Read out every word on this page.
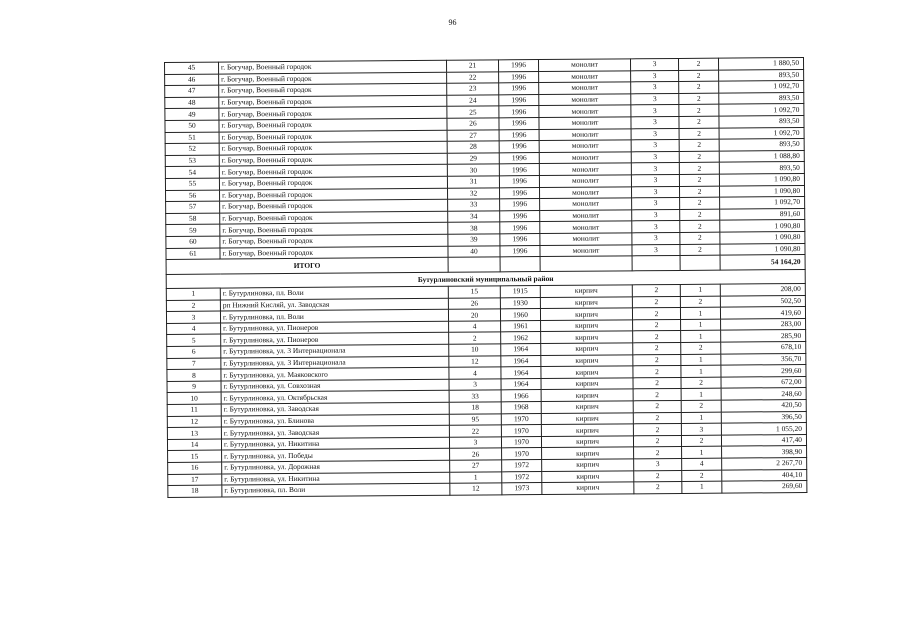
96
45	г. Богучар, Военный городок	21	1996	монолит	3	2	1 880,50
46	г. Богучар, Военный городок	22	1996	монолит	3	2	893,50
47	г. Богучар, Военный городок	23	1996	монолит	3	2	1 092,70
48	г. Богучар, Военный городок	24	1996	монолит	3	2	893,50
49	г. Богучар, Военный городок	25	1996	монолит	3	2	1 092,70
50	г. Богучар, Военный городок	26	1996	монолит	3	2	893,50
51	г. Богучар, Военный городок	27	1996	монолит	3	2	1 092,70
52	г. Богучар, Военный городок	28	1996	монолит	3	2	893,50
53	г. Богучар, Военный городок	29	1996	монолит	3	2	1 088,80
54	г. Богучар, Военный городок	30	1996	монолит	3	2	893,50
55	г. Богучар, Военный городок	31	1996	монолит	3	2	1 090,80
56	г. Богучар, Военный городок	32	1996	монолит	3	2	1 090,80
57	г. Богучар, Военный городок	33	1996	монолит	3	2	1 092,70
58	г. Богучар, Военный городок	34	1996	монолит	3	2	891,60
59	г. Богучар, Военный городок	38	1996	монолит	3	2	1 090,80
60	г. Богучар, Военный городок	39	1996	монолит	3	2	1 090,80
61	г. Богучар, Военный городок	40	1996	монолит	3	2	1 090,80
ИТОГО							54 164,20
Бутурлиновский муниципальный район							
1	г. Бутурлиновка, пл. Воли	15	1915	кирпич	2	1	208,00
2	рп Нижний Кисляй, ул. Заводская	26	1930	кирпич	2	2	502,50
3	г. Бутурлиновка, пл. Воли	20	1960	кирпич	2	1	419,60
4	г. Бутурлиновка, ул. Пионеров	4	1961	кирпич	2	1	283,00
5	г. Бутурлиновка, ул. Пионеров	2	1962	кирпич	2	1	285,90
6	г. Бутурлиновка, ул. 3 Интернационала	10	1964	кирпич	2	2	678,10
7	г. Бутурлиновка, ул. 3 Интернационала	12	1964	кирпич	2	1	356,70
8	г. Бутурлиновка, ул. Маяковского	4	1964	кирпич	2	1	299,60
9	г. Бутурлиновка, ул. Совхозная	3	1964	кирпич	2	2	672,00
10	г. Бутурлиновка, ул. Октябрьская	33	1966	кирпич	2	1	248,60
11	г. Бутурлиновка, ул. Заводская	18	1968	кирпич	2	2	420,50
12	г. Бутурлиновка, ул. Блинова	95	1970	кирпич	2	1	396,50
13	г. Бутурлиновка, ул. Заводская	22	1970	кирпич	2	3	1 055,20
14	г. Бутурлиновка, ул. Никитина	3	1970	кирпич	2	2	417,40
15	г. Бутурлиновка, ул. Победы	26	1970	кирпич	2	1	398,90
16	г. Бутурлиновка, ул. Дорожная	27	1972	кирпич	3	4	2 267,70
17	г. Бутурлиновка, ул. Никитина	1	1972	кирпич	2	2	404,10
18	г. Бутурлиновка, пл. Воли	12	1973	кирпич	2	1	269,60
